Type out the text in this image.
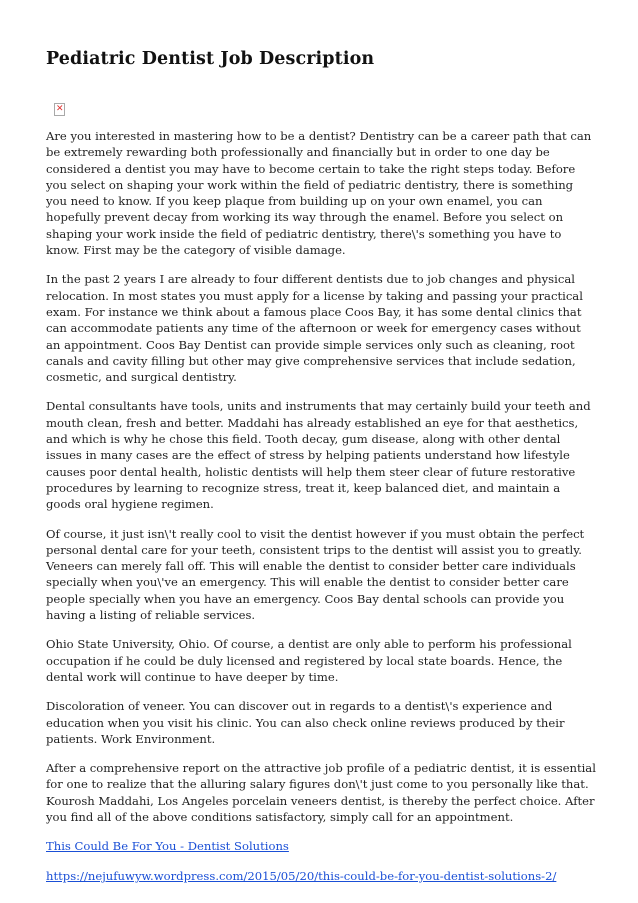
Pediatric Dentist Job Description
✕

Are you interested in mastering how to be a dentist? Dentistry can be a career path that can be extremely rewarding both professionally and financially but in order to one day be considered a dentist you may have to become certain to take the right steps today. Before you select on shaping your work within the field of pediatric dentistry, there is something you need to know. If you keep plaque from building up on your own enamel, you can hopefully prevent decay from working its way through the enamel. Before you select on shaping your work inside the field of pediatric dentistry, there\'s something you have to know. First may be the category of visible damage.

In the past 2 years I are already to four different dentists due to job changes and physical relocation. In most states you must apply for a license by taking and passing your practical exam. For instance we think about a famous place Coos Bay, it has some dental clinics that can accommodate patients any time of the afternoon or week for emergency cases without an appointment. Coos Bay Dentist can provide simple services only such as cleaning, root canals and cavity filling but other may give comprehensive services that include sedation, cosmetic, and surgical dentistry.

Dental consultants have tools, units and instruments that may certainly build your teeth and mouth clean, fresh and better. Maddahi has already established an eye for that aesthetics, and which is why he chose this field. Tooth decay, gum disease, along with other dental issues in many cases are the effect of stress by helping patients understand how lifestyle causes poor dental health, holistic dentists will help them steer clear of future restorative procedures by learning to recognize stress, treat it, keep balanced diet, and maintain a goods oral hygiene regimen.

Of course, it just isn\'t really cool to visit the dentist however if you must obtain the perfect personal dental care for your teeth, consistent trips to the dentist will assist you to greatly. Veneers can merely fall off. This will enable the dentist to consider better care individuals specially when you\'ve an emergency. This will enable the dentist to consider better care people specially when you have an emergency. Coos Bay dental schools can provide you having a listing of reliable services.

Ohio State University, Ohio. Of course, a dentist are only able to perform his professional occupation if he could be duly licensed and registered by local state boards. Hence, the dental work will continue to have deeper by time.

Discoloration of veneer. You can discover out in regards to a dentist\'s experience and education when you visit his clinic. You can also check online reviews produced by their patients. Work Environment.

After a comprehensive report on the attractive job profile of a pediatric dentist, it is essential for one to realize that the alluring salary figures don\'t just come to you personally like that. Kourosh Maddahi, Los Angeles porcelain veneers dentist, is thereby the perfect choice. After you find all of the above conditions satisfactory, simply call for an appointment.

This Could Be For You - Dentist Solutions
https://nejufuwyw.wordpress.com/2015/05/20/this-could-be-for-you-dentist-solutions-2/
